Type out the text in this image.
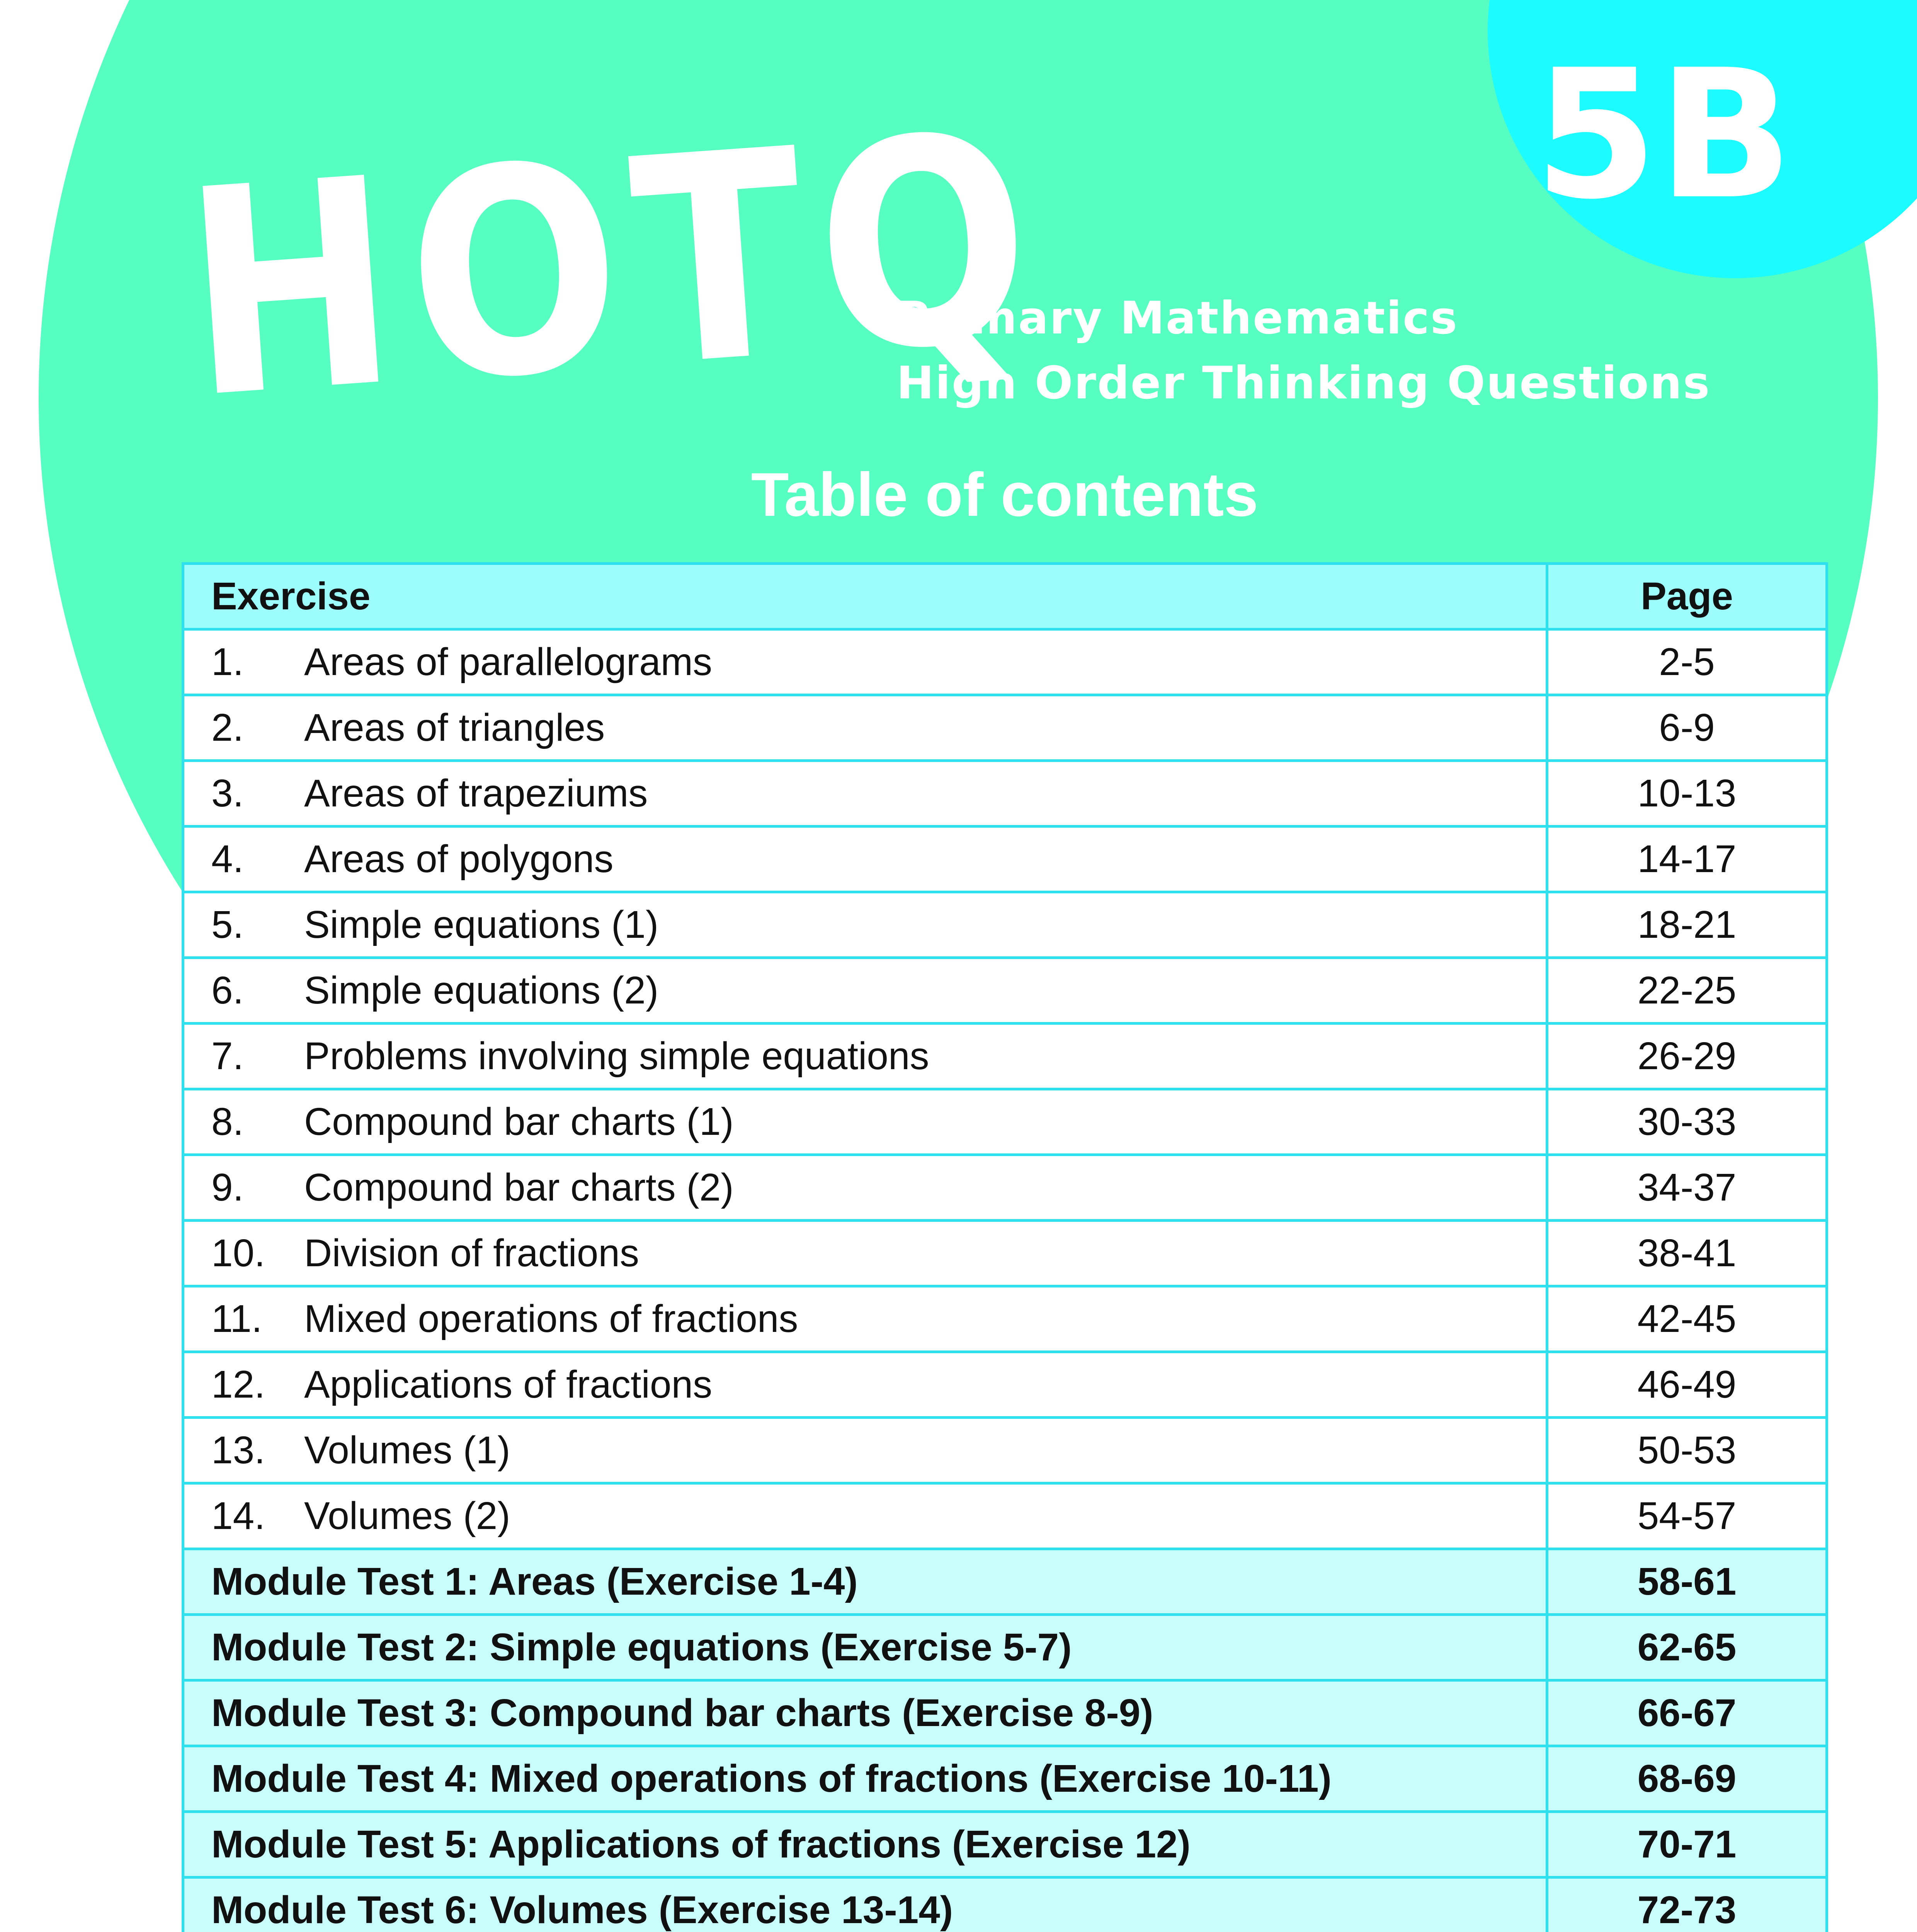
5B
HOTQ
Primary Mathematics
High Order Thinking Questions
Table of contents
Exercise	Page
1. Areas of parallelograms	2-5
2. Areas of triangles	6-9
3. Areas of trapeziums	10-13
4. Areas of polygons	14-17
5. Simple equations (1)	18-21
6. Simple equations (2)	22-25
7. Problems involving simple equations	26-29
8. Compound bar charts (1)	30-33
9. Compound bar charts (2)	34-37
10. Division of fractions	38-41
11. Mixed operations of fractions	42-45
12. Applications of fractions	46-49
13. Volumes (1)	50-53
14. Volumes (2)	54-57
Module Test 1: Areas (Exercise 1-4)	58-61
Module Test 2: Simple equations (Exercise 5-7)	62-65
Module Test 3: Compound bar charts (Exercise 8-9)	66-67
Module Test 4: Mixed operations of fractions (Exercise 10-11)	68-69
Module Test 5: Applications of fractions (Exercise 12)	70-71
Module Test 6: Volumes (Exercise 13-14)	72-73
